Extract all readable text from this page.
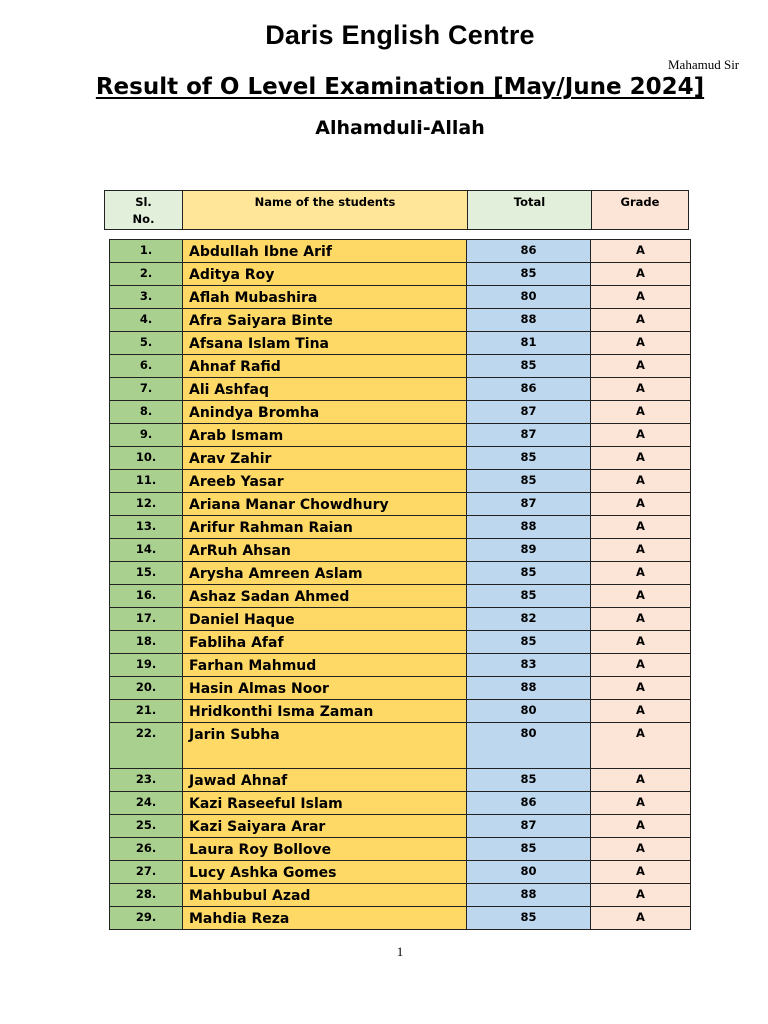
Daris English Centre
Mahamud Sir
Result of O Level Examination [May/June 2024]
Alhamduli-Allah
Sl.
No.
Name of the students	Total	Grade
1.	Abdullah Ibne Arif	86	A
2.	Aditya Roy	85	A
3.	Aflah Mubashira	80	A
4.	Afra Saiyara Binte	88	A
5.	Afsana Islam Tina	81	A
6.	Ahnaf Rafid	85	A
7.	Ali Ashfaq	86	A
8.	Anindya Bromha	87	A
9.	Arab Ismam	87	A
10.	Arav Zahir	85	A
11.	Areeb Yasar	85	A
12.	Ariana Manar Chowdhury	87	A
13.	Arifur Rahman Raian	88	A
14.	ArRuh Ahsan	89	A
15.	Arysha Amreen Aslam	85	A
16.	Ashaz Sadan Ahmed	85	A
17.	Daniel Haque	82	A
18.	Fabliha Afaf	85	A
19.	Farhan Mahmud	83	A
20.	Hasin Almas Noor	88	A
21.	Hridkonthi Isma Zaman	80	A
22.	Jarin Subha	80	A
23.	Jawad Ahnaf	85	A
24.	Kazi Raseeful Islam	86	A
25.	Kazi Saiyara Arar	87	A
26.	Laura Roy Bollove	85	A
27.	Lucy Ashka Gomes	80	A
28.	Mahbubul Azad	88	A
29.	Mahdia Reza	85	A
1
